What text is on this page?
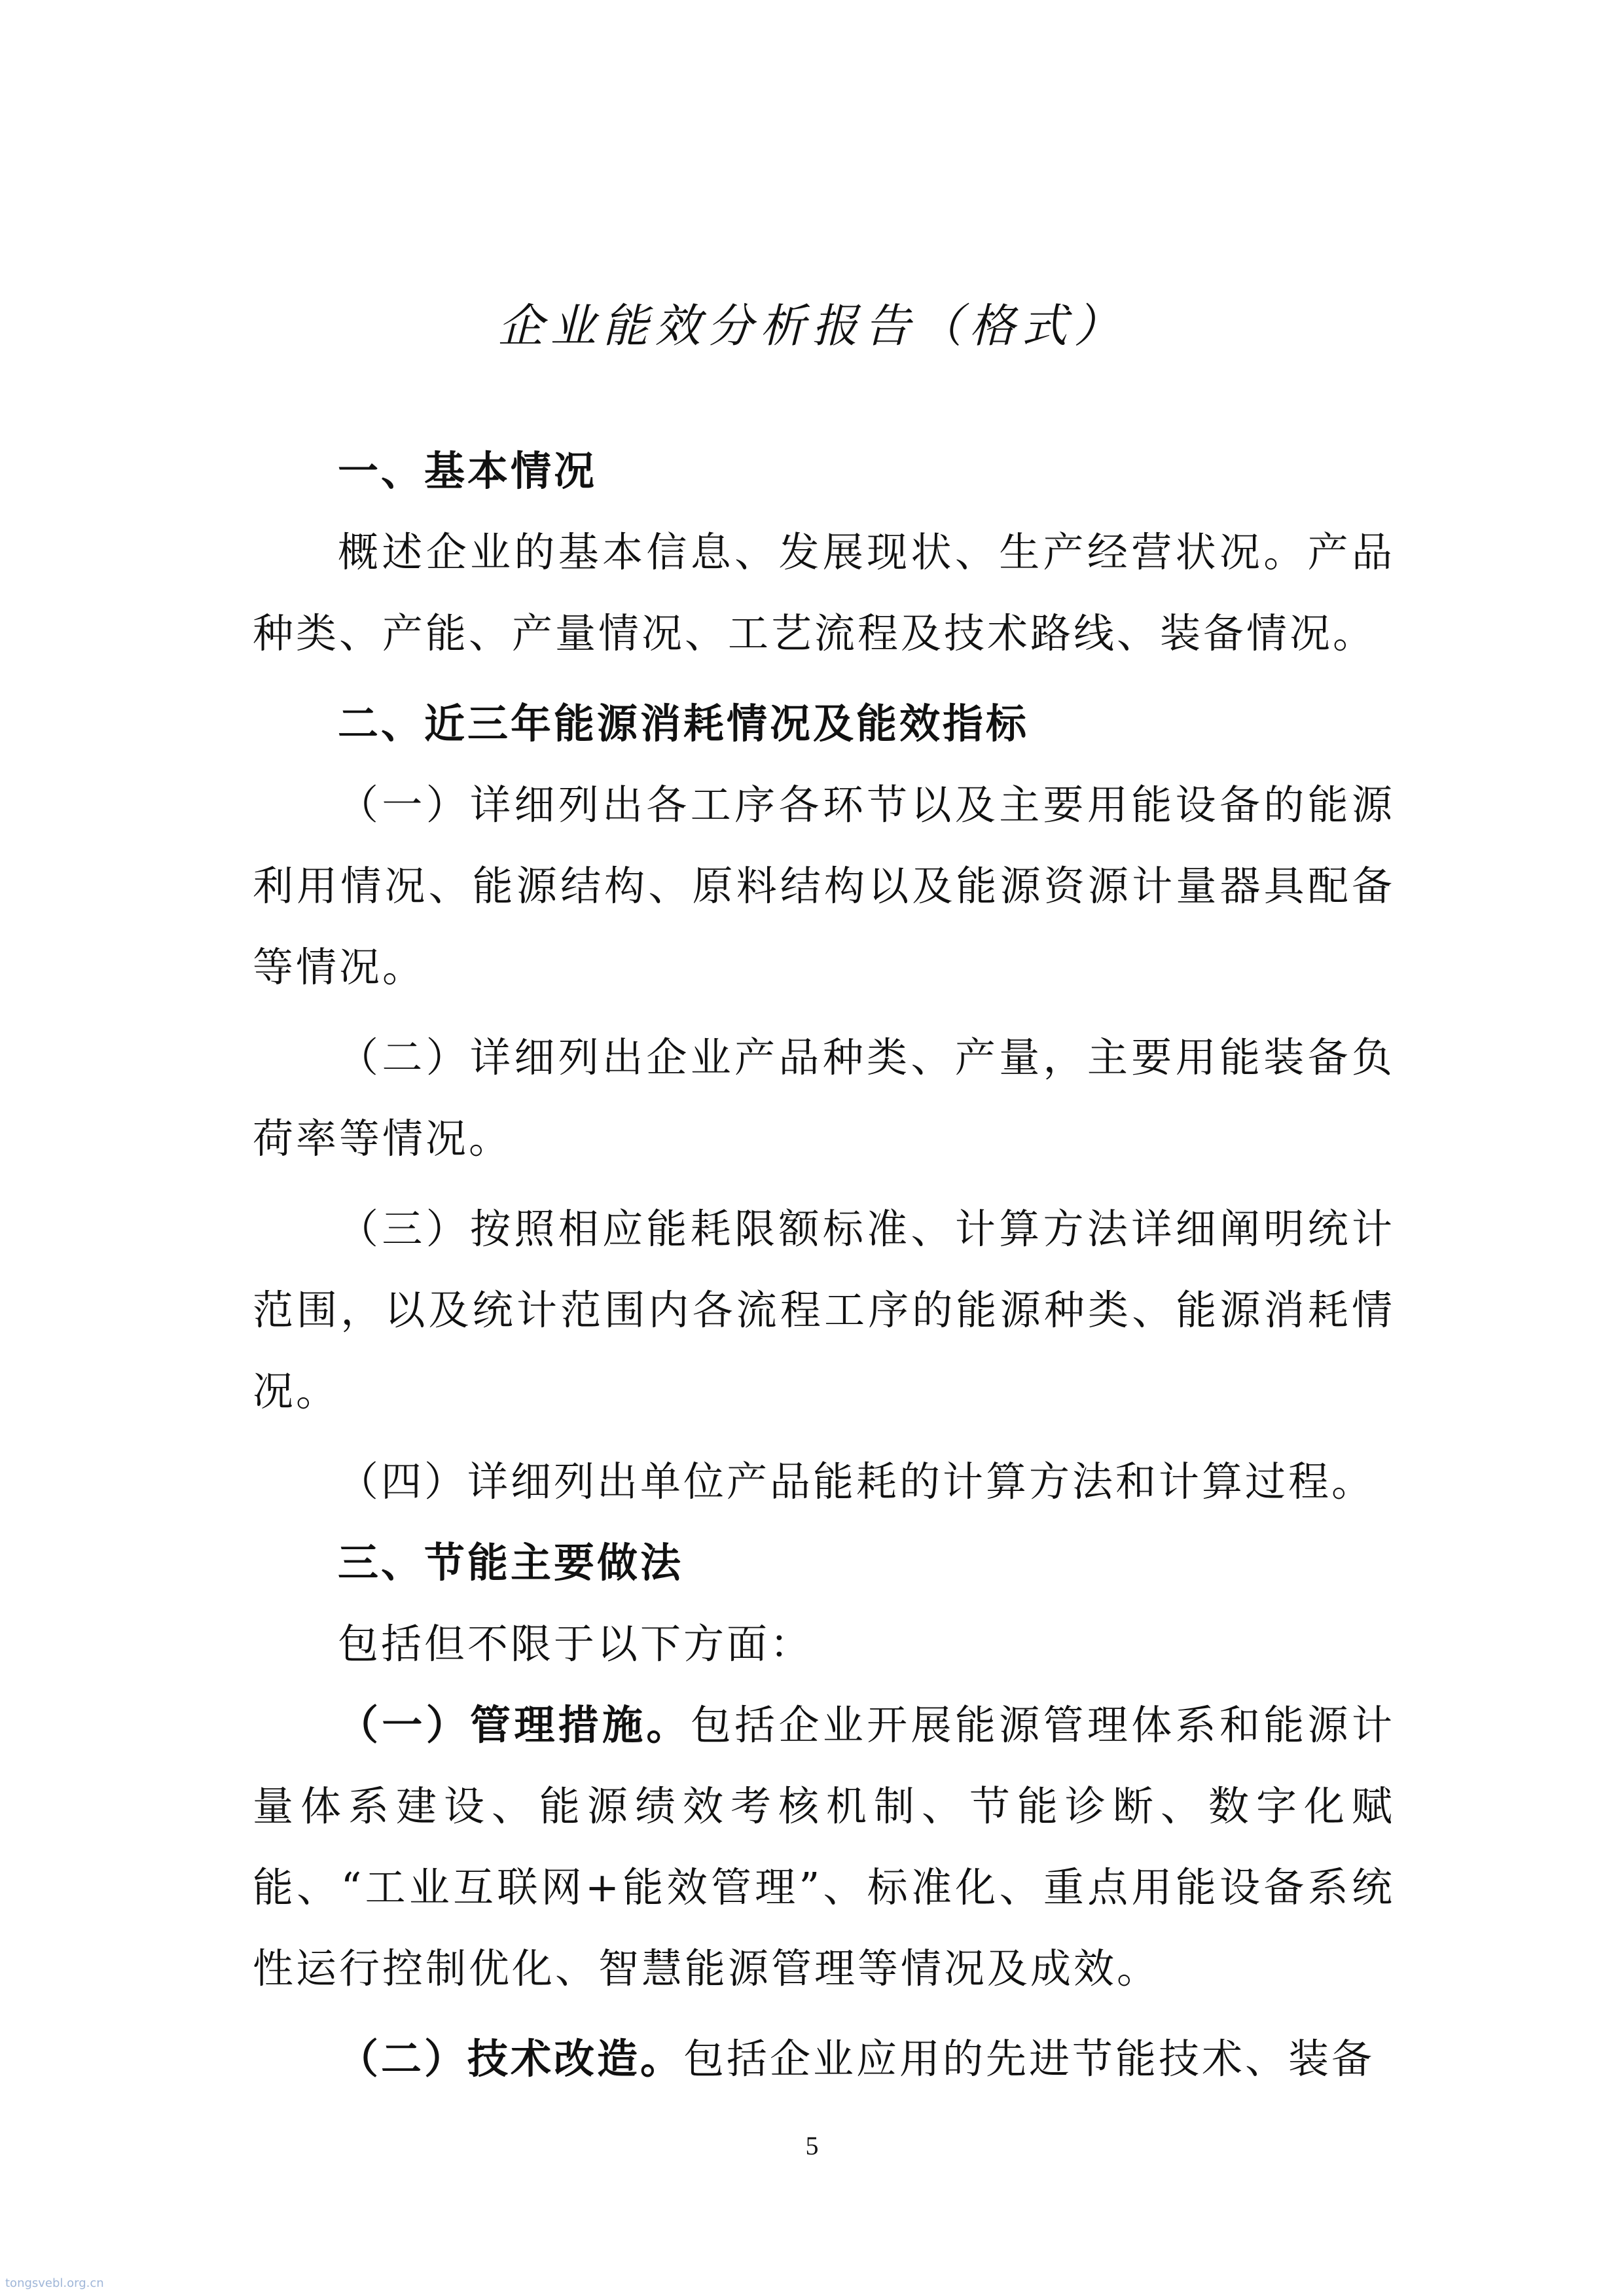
企业能效分析报告（格式）

一、基本情况

概述企业的基本信息、发展现状、生产经营状况。产品种类、产能、产量情况、工艺流程及技术路线、装备情况。

二、近三年能源消耗情况及能效指标

（一）详细列出各工序各环节以及主要用能设备的能源利用情况、能源结构、原料结构以及能源资源计量器具配备等情况。

（二）详细列出企业产品种类、产量，主要用能装备负荷率等情况。

（三）按照相应能耗限额标准、计算方法详细阐明统计范围，以及统计范围内各流程工序的能源种类、能源消耗情况。

（四）详细列出单位产品能耗的计算方法和计算过程。

三、节能主要做法

包括但不限于以下方面：

（一）管理措施。包括企业开展能源管理体系和能源计量体系建设、能源绩效考核机制、节能诊断、数字化赋能、“工业互联网+能效管理”、标准化、重点用能设备系统性运行控制优化、智慧能源管理等情况及成效。

（二）技术改造。包括企业应用的先进节能技术、装备

5
tongsvebl.org.cn
